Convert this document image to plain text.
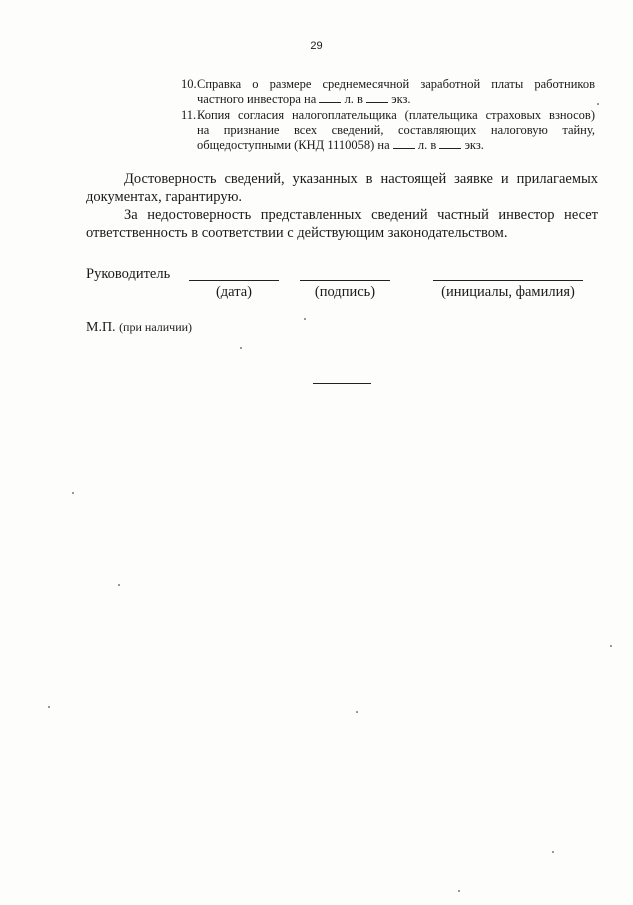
29
10. Справка о размере среднемесячной заработной платы работников
частного инвестора на л. в экз.
11. Копия согласия налогоплательщика (плательщика страховых взносов)
на признание всех сведений, составляющих налоговую тайну,
общедоступными (КНД 1110058) на л. в экз.
Достоверность сведений, указанных в настоящей заявке и прилагаемых
документах, гарантирую.
За недостоверность представленных сведений частный инвестор несет
ответственность в соответствии с действующим законодательством.
Руководитель
(дата)	(подпись)	(инициалы, фамилия)
М.П. (при наличии)
